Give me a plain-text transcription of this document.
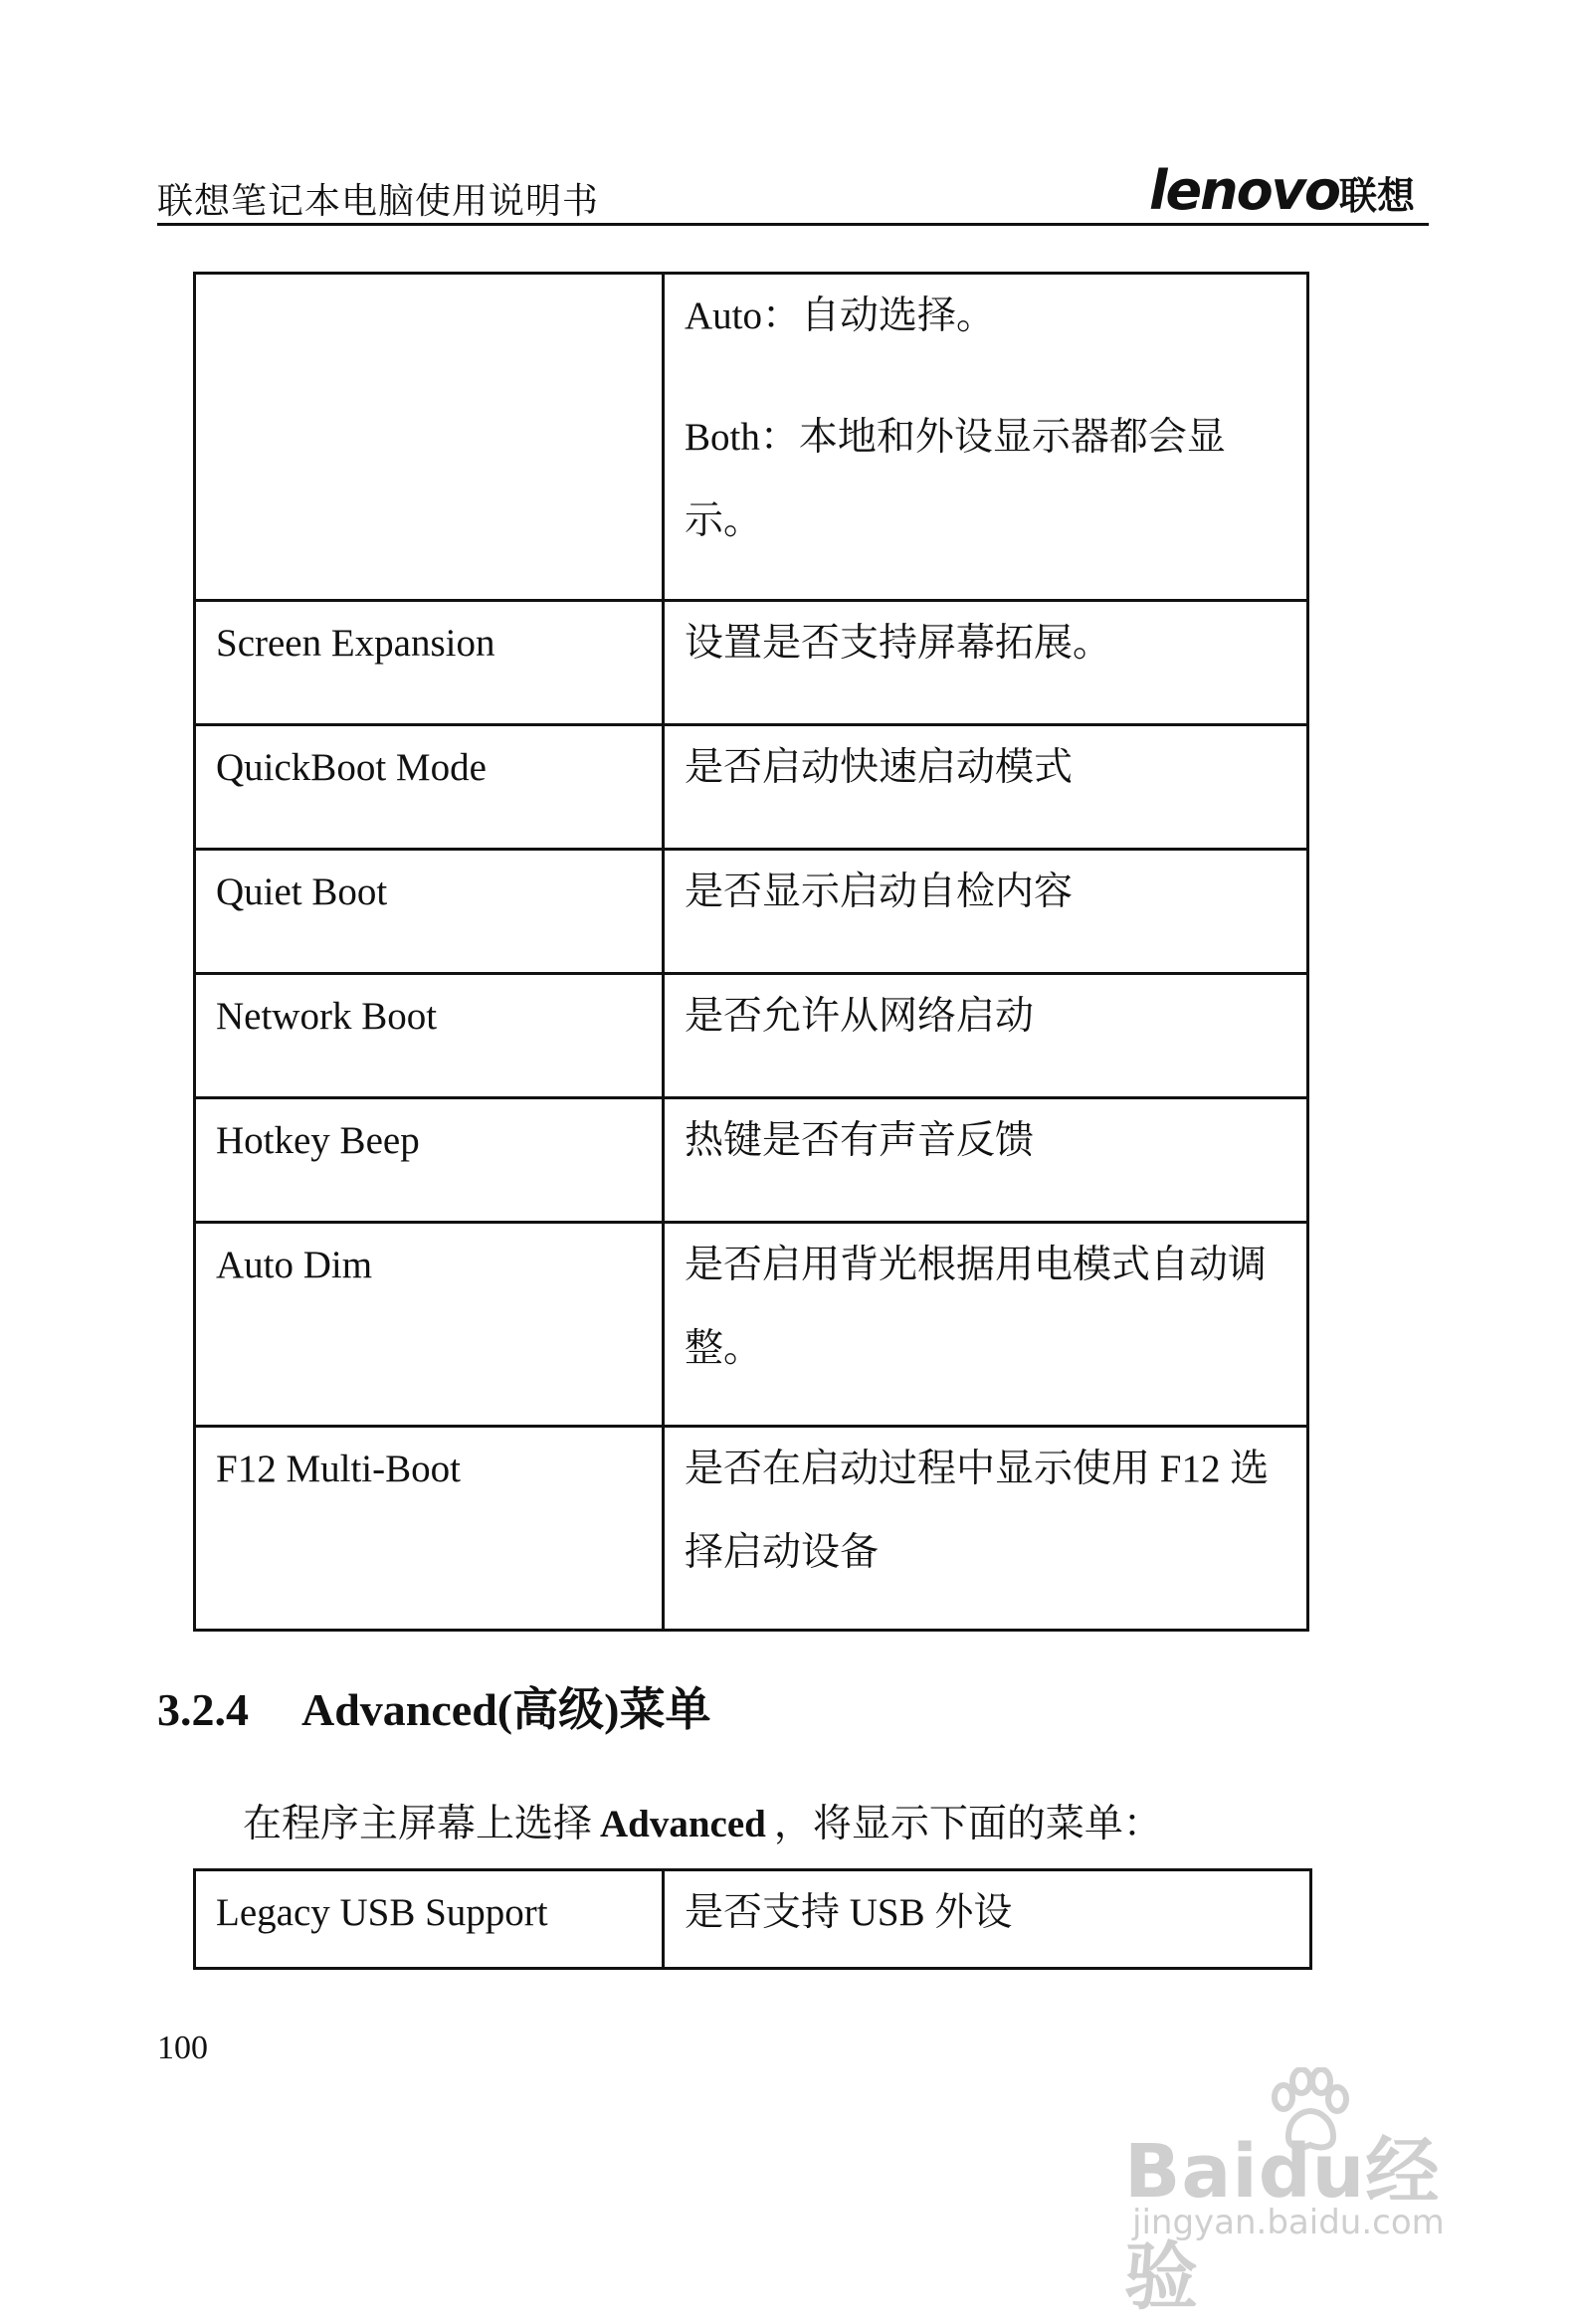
联想笔记本电脑使用说明书	lenovo联想

	Auto：自动选择。
Both：本地和外设显示器都会显示。

Screen Expansion	设置是否支持屏幕拓展。

QuickBoot Mode	是否启动快速启动模式

Quiet Boot	是否显示启动自检内容

Network Boot	是否允许从网络启动

Hotkey Beep	热键是否有声音反馈

Auto Dim	是否启用背光根据用电模式自动调整。

F12 Multi-Boot	是否在启动过程中显示使用 F12 选择启动设备
3.2.4 Advanced(高级)菜单
在程序主屏幕上选择 Advanced ，将显示下面的菜单：
Legacy USB Support	是否支持 USB 外设
100
Baidu经验
jingyan.baidu.com
